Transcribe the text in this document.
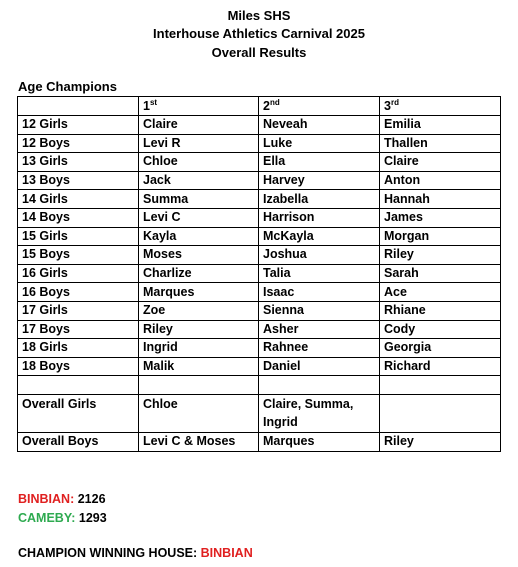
Miles SHS
Interhouse Athletics Carnival 2025
Overall Results
Age Champions
	1st	2nd	3rd
12 Girls	Claire	Neveah	Emilia
12 Boys	Levi R	Luke	Thallen
13 Girls	Chloe	Ella	Claire
13 Boys	Jack	Harvey	Anton
14 Girls	Summa	Izabella	Hannah
14 Boys	Levi C	Harrison	James
15 Girls	Kayla	McKayla	Morgan
15 Boys	Moses	Joshua	Riley
16 Girls	Charlize	Talia	Sarah
16 Boys	Marques	Isaac	Ace
17 Girls	Zoe	Sienna	Rhiane
17 Boys	Riley	Asher	Cody
18 Girls	Ingrid	Rahnee	Georgia
18 Boys	Malik	Daniel	Richard

Overall Girls	Chloe	Claire, Summa,
Ingrid	

Overall Boys	Levi C & Moses	Marques	Riley
BINBIAN: 2126
CAMEBY: 1293
CHAMPION WINNING HOUSE: BINBIAN
